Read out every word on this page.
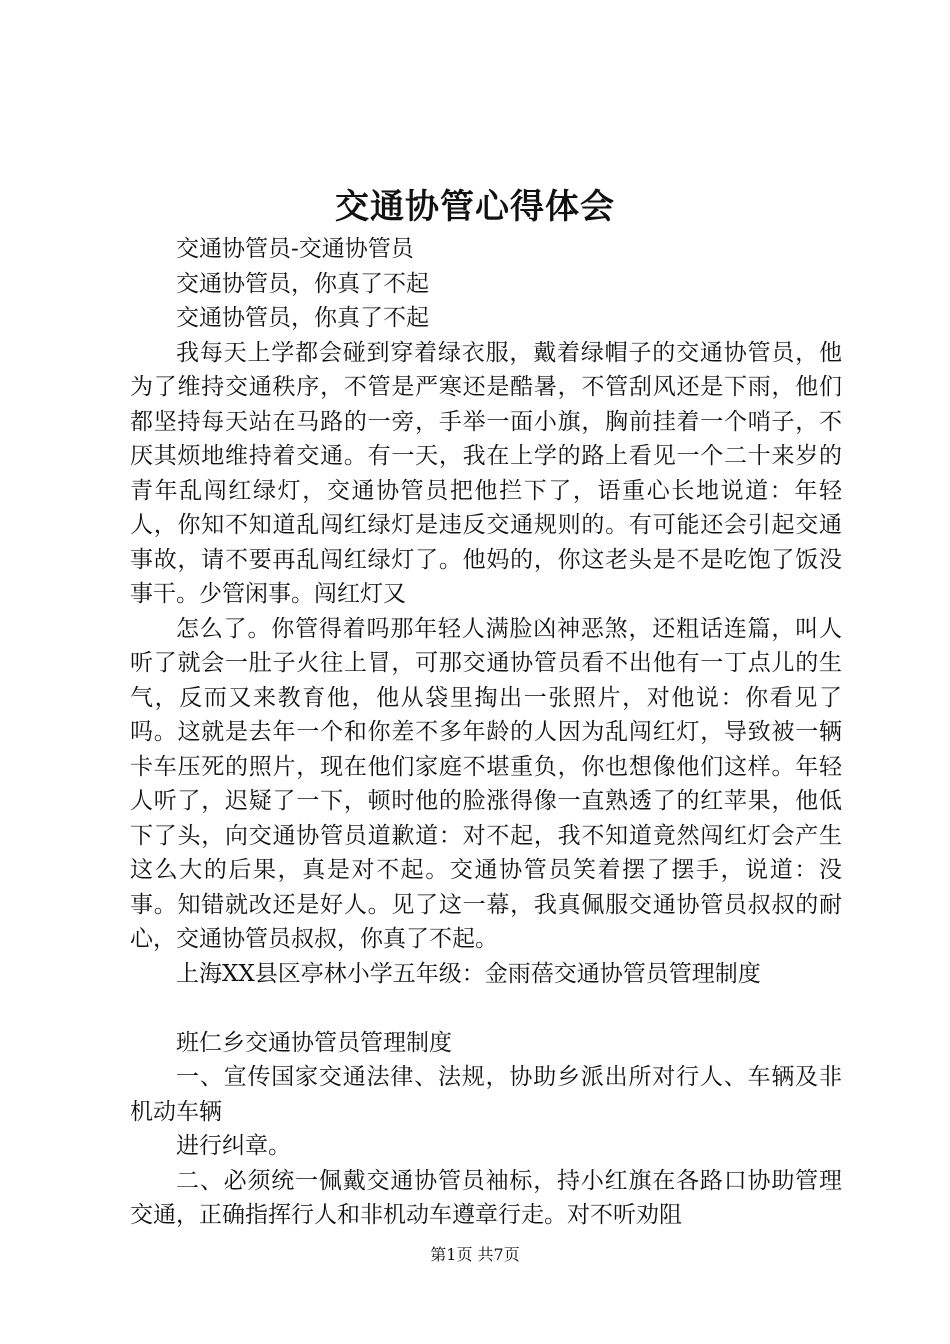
交通协管心得体会

交通协管员-交通协管员

交通协管员，你真了不起

交通协管员，你真了不起

我每天上学都会碰到穿着绿衣服，戴着绿帽子的交通协管员，他为了维持交通秩序，不管是严寒还是酷暑，不管刮风还是下雨，他们都坚持每天站在马路的一旁，手举一面小旗，胸前挂着一个哨子，不厌其烦地维持着交通。有一天，我在上学的路上看见一个二十来岁的青年乱闯红绿灯，交通协管员把他拦下了，语重心长地说道：年轻人，你知不知道乱闯红绿灯是违反交通规则的。有可能还会引起交通事故，请不要再乱闯红绿灯了。他妈的，你这老头是不是吃饱了饭没事干。少管闲事。闯红灯又

怎么了。你管得着吗那年轻人满脸凶神恶煞，还粗话连篇，叫人听了就会一肚子火往上冒，可那交通协管员看不出他有一丁点儿的生气，反而又来教育他，他从袋里掏出一张照片，对他说：你看见了吗。这就是去年一个和你差不多年龄的人因为乱闯红灯，导致被一辆卡车压死的照片，现在他们家庭不堪重负，你也想像他们这样。年轻人听了，迟疑了一下，顿时他的脸涨得像一直熟透了的红苹果，他低下了头，向交通协管员道歉道：对不起，我不知道竟然闯红灯会产生这么大的后果，真是对不起。交通协管员笑着摆了摆手，说道：没事。知错就改还是好人。见了这一幕，我真佩服交通协管员叔叔的耐心，交通协管员叔叔，你真了不起。

上海XX县区亭林小学五年级：金雨蓓交通协管员管理制度

班仁乡交通协管员管理制度

一、宣传国家交通法律、法规，协助乡派出所对行人、车辆及非机动车辆

进行纠章。

二、必须统一佩戴交通协管员袖标，持小红旗在各路口协助管理交通，正确指挥行人和非机动车遵章行走。对不听劝阻

第1页 共7页
